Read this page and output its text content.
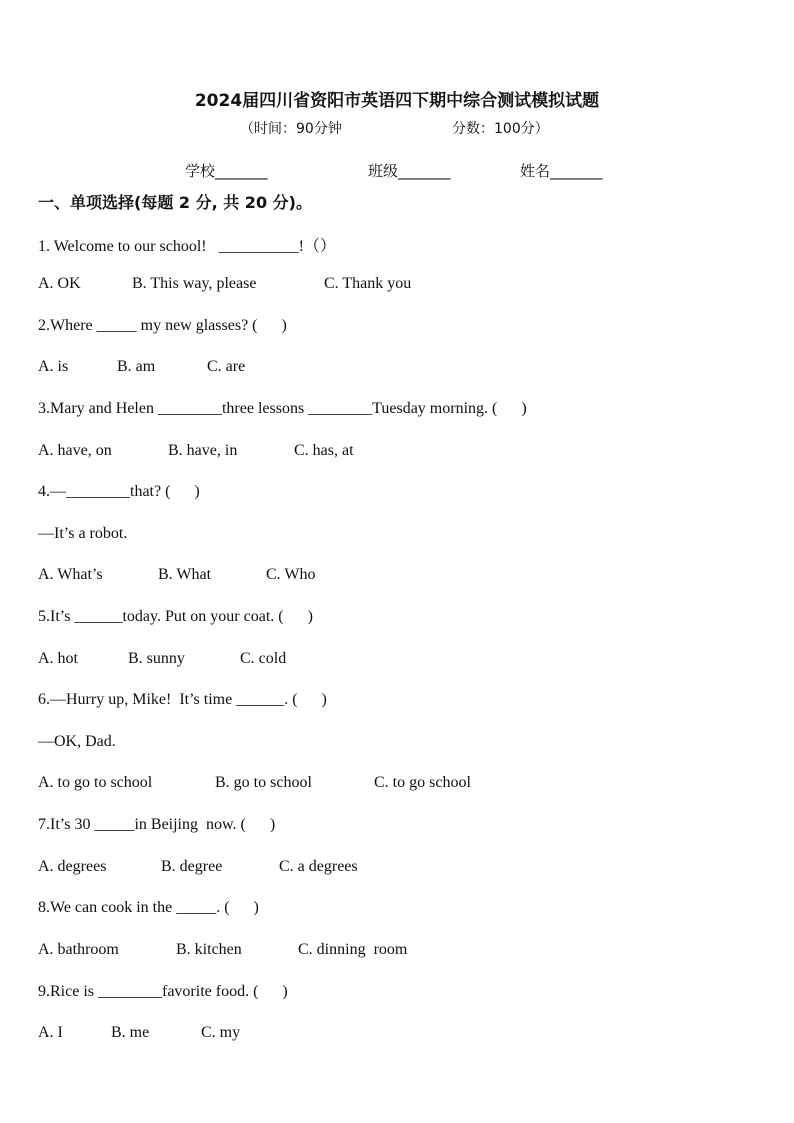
2024届四川省资阳市英语四下期中综合测试模拟试题
（时间：90分钟	分数：100分）
学校_______	班级_______	姓名_______
一、单项选择(每题 2 分, 共 20 分)。
1. Welcome to our school!   __________!（）
A. OK	B. This way, please	C. Thank you
2.Where _____ my new glasses? (      )
A. is	B. am	C. are
3.Mary and Helen ________three lessons ________Tuesday morning. (      )
A. have, on	B. have, in	C. has, at
4.—________that? (      )
—It’s a robot.
A. What’s	B. What	C. Who
5.It’s ______today. Put on your coat. (      )
A. hot	B. sunny	C. cold
6.—Hurry up, Mike!  It’s time ______. (      )
—OK, Dad.
A. to go to school	B. go to school	C. to go school
7.It’s 30 _____in Beijing  now. (      )
A. degrees	B. degree	C. a degrees
8.We can cook in the _____. (      )
A. bathroom	B. kitchen	C. dinning  room
9.Rice is ________favorite food. (      )
A. I	B. me	C. my
